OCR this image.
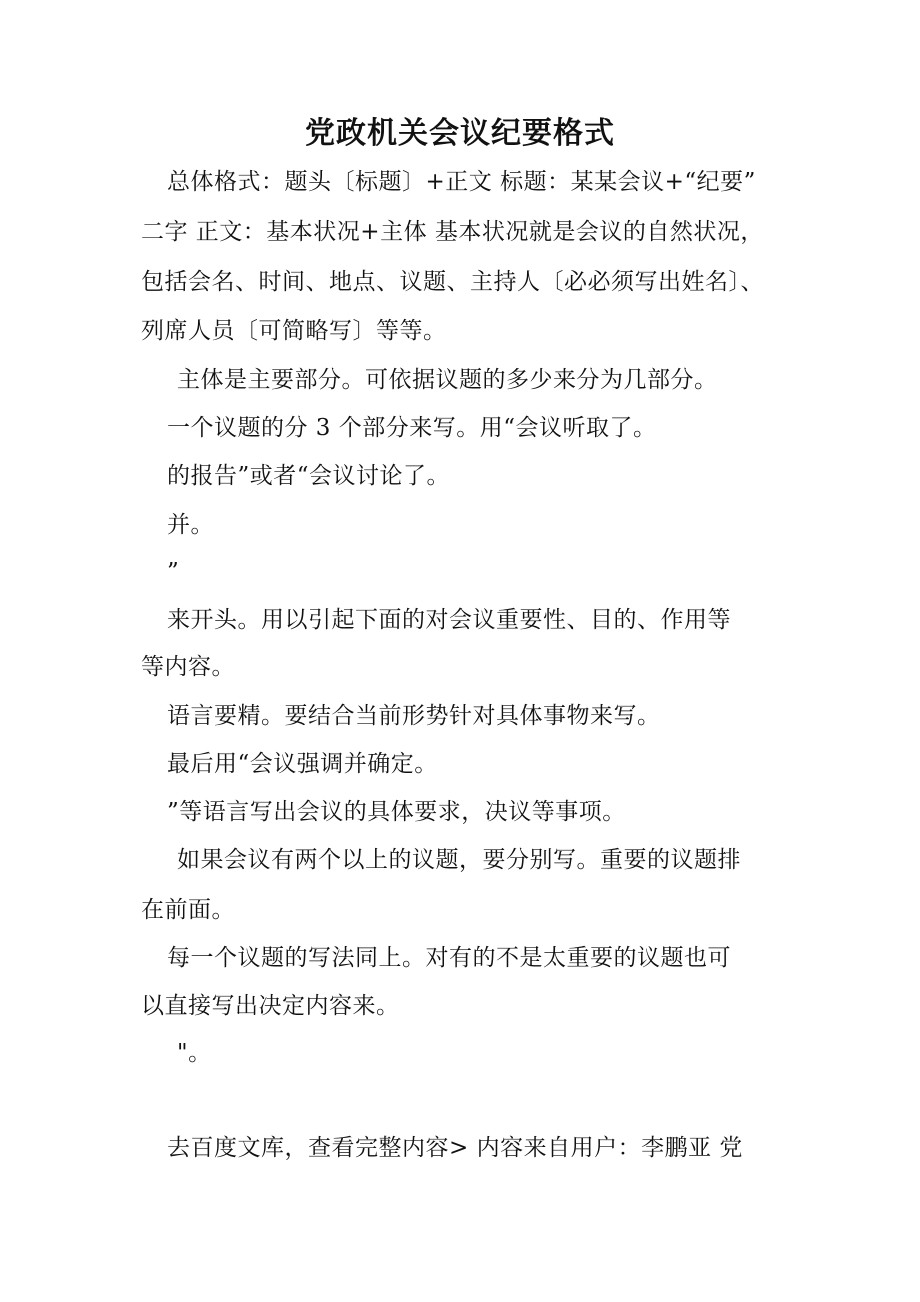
党政机关会议纪要格式

总体格式：题头〔标题〕+正文 标题：某某会议+“纪要”

二字 正文：基本状况+主体 基本状况就是会议的自然状况，

包括会名、时间、地点、议题、主持人〔必必须写出姓名〕、

列席人员〔可简略写〕等等。

主体是主要部分。可依据议题的多少来分为几部分。

一个议题的分 3 个部分来写。用“会议听取了。

的报告”或者“会议讨论了。

并。

”

来开头。用以引起下面的对会议重要性、目的、作用等

等内容。

语言要精。要结合当前形势针对具体事物来写。

最后用“会议强调并确定。

”等语言写出会议的具体要求，决议等事项。

如果会议有两个以上的议题，要分别写。重要的议题排

在前面。

每一个议题的写法同上。对有的不是太重要的议题也可

以直接写出决定内容来。

"。

去百度文库，查看完整内容> 内容来自用户：李鹏亚 党
